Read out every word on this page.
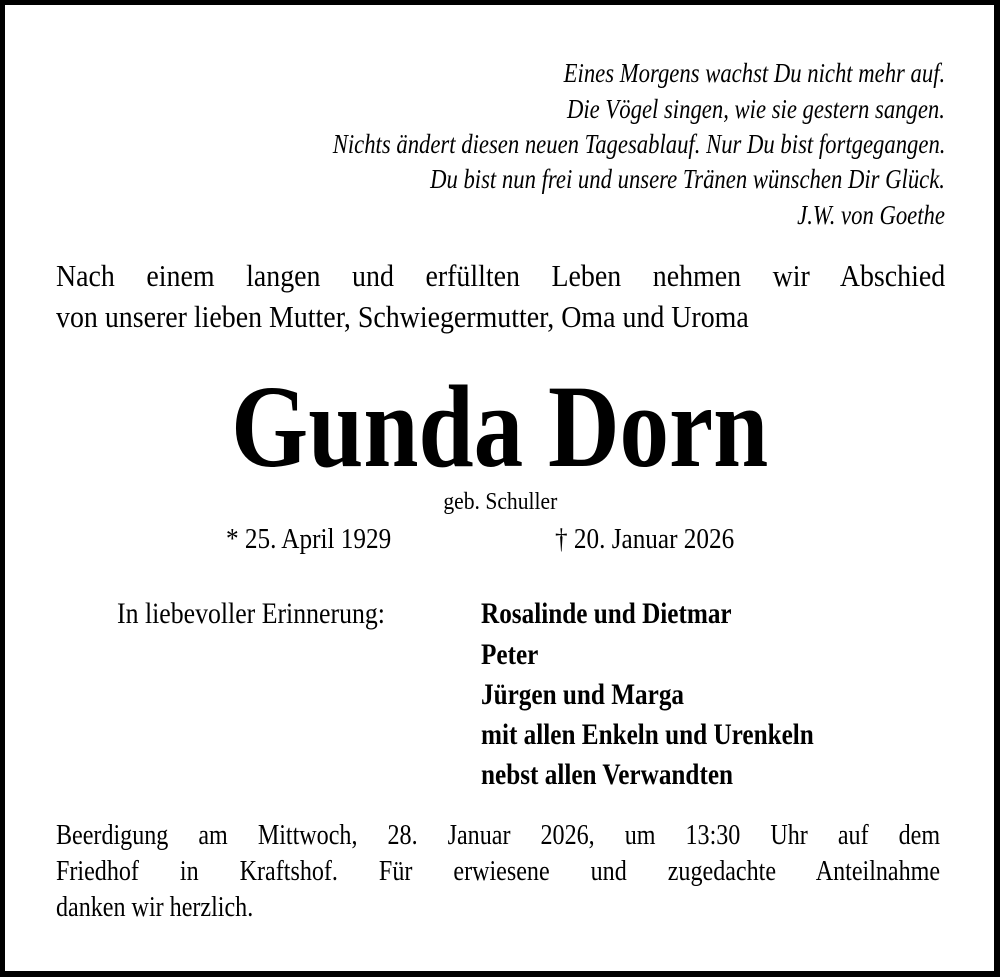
Eines Morgens wachst Du nicht mehr auf.
Die Vögel singen, wie sie gestern sangen.
Nichts ändert diesen neuen Tagesablauf. Nur Du bist fortgegangen.
Du bist nun frei und unsere Tränen wünschen Dir Glück.
J.W. von Goethe
Nach einem langen und erfüllten Leben nehmen wir Abschied
von unserer lieben Mutter, Schwiegermutter, Oma und Uroma
Gunda Dorn
geb. Schuller
* 25. April 1929	† 20. Januar 2026
In liebevoller Erinnerung:	Rosalinde und Dietmar
Peter
Jürgen und Marga
mit allen Enkeln und Urenkeln
nebst allen Verwandten
Beerdigung am Mittwoch, 28. Januar 2026, um 13:30 Uhr auf dem
Friedhof in Kraftshof. Für erwiesene und zugedachte Anteilnahme
danken wir herzlich.
